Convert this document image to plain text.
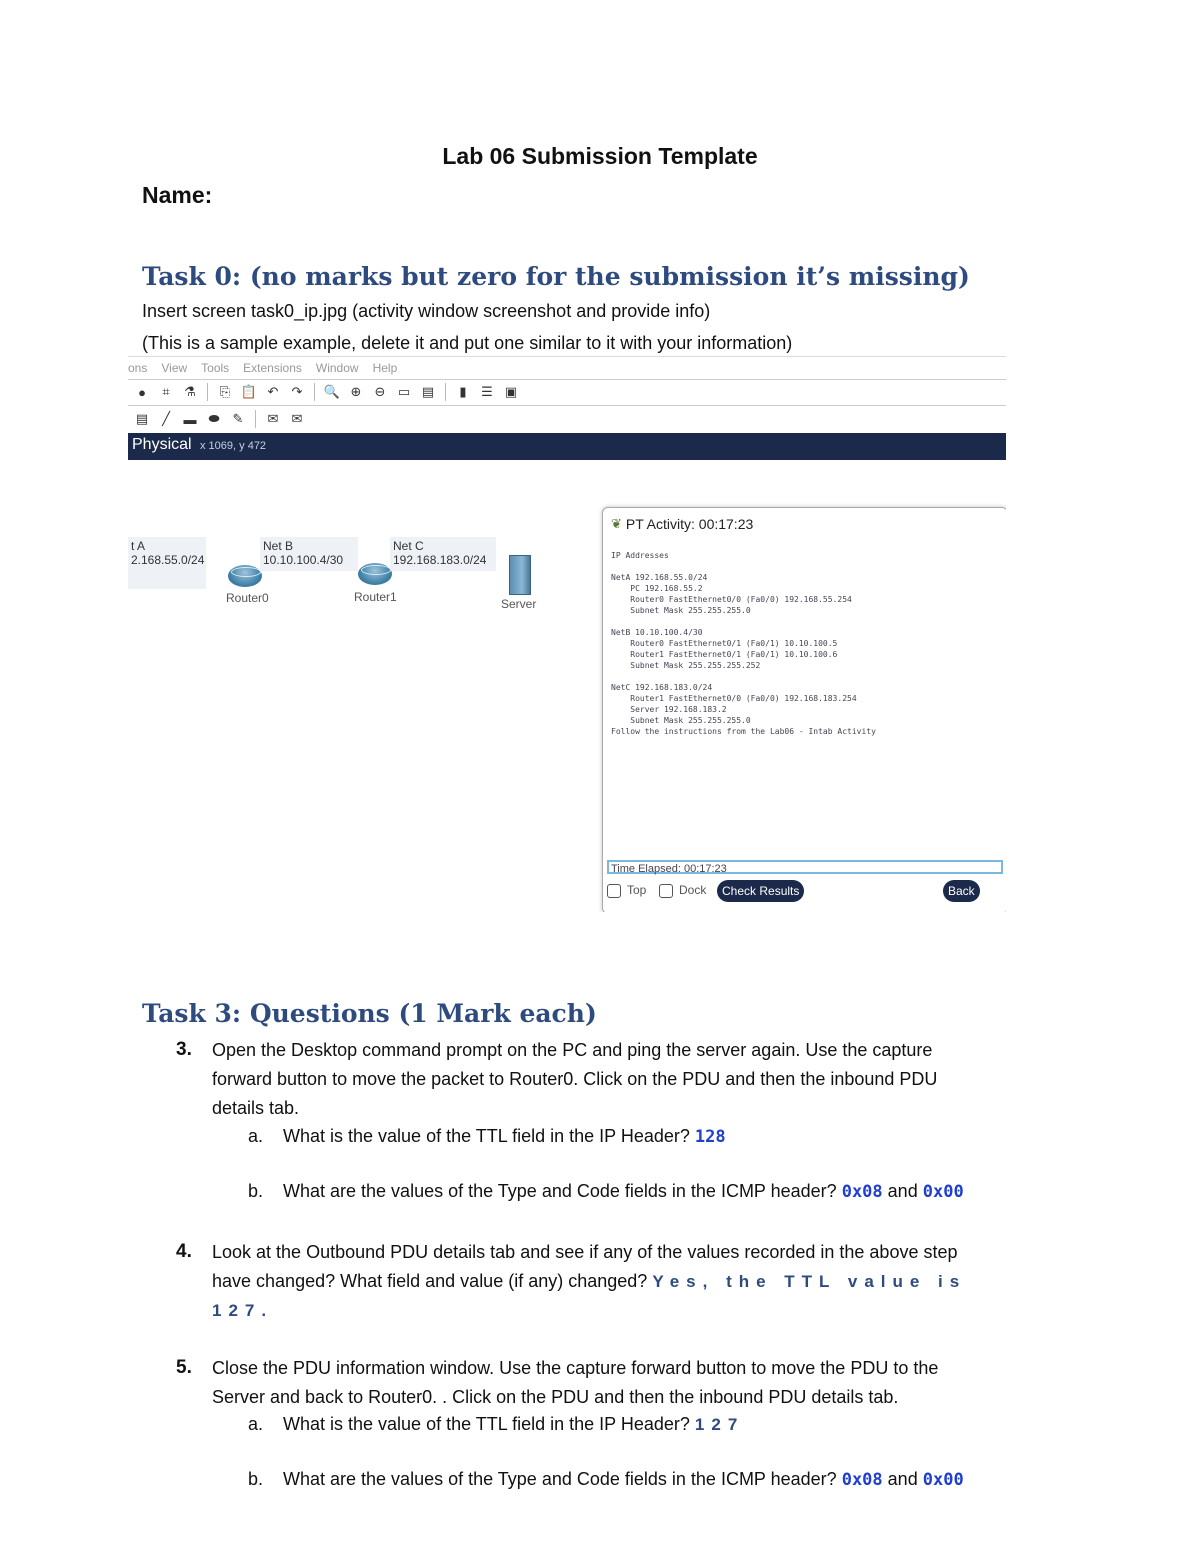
Lab 06 Submission Template
Name:
Task 0: (no marks but zero for the submission it’s missing)
Insert screen task0_ip.jpg (activity window screenshot and provide info)
(This is a sample example, delete it and put one similar to it with your information)
ons View Tools Extensions Window Help
●	⌗	⚗	⎘ 📋 ↶	↷	🔍 ⊕	⊖ ▭ ▤	▮	☰ ▣
▤	╱	▬ ⬬	✎	✉	✉
Physical x 1069, y 472
t A
2.168.55.0/24
Net B
10.10.100.4/30
Net C
192.168.183.0/24
Router0	Router1	Server
❦ PT Activity: 00:17:23
IP Addresses

NetA 192.168.55.0/24
PC 192.168.55.2
Router0 FastEthernet0/0 (Fa0/0) 192.168.55.254
Subnet Mask 255.255.255.0

NetB 10.10.100.4/30
Router0 FastEthernet0/1 (Fa0/1) 10.10.100.5
Router1 FastEthernet0/1 (Fa0/1) 10.10.100.6
Subnet Mask 255.255.255.252

NetC 192.168.183.0/24
Router1 FastEthernet0/0 (Fa0/0) 192.168.183.254
Server 192.168.183.2
Subnet Mask 255.255.255.0
Follow the instructions from the Lab06 - Intab Activity
Time Elapsed: 00:17:23
Top	Dock	Check Results	Back
Task 3: Questions (1 Mark each)
3. Open the Desktop command prompt on the PC and ping the server again. Use the capture
forward button to move the packet to Router0. Click on the PDU and then the inbound PDU
details tab.
a. What is the value of the TTL field in the IP Header? 128
b. What are the values of the Type and Code fields in the ICMP header? 0x08 and 0x00
4. Look at the Outbound PDU details tab and see if any of the values recorded in the above step
have changed? What field and value (if any) changed? Yes, the TTL value is
127.
5. Close the PDU information window. Use the capture forward button to move the PDU to the
Server and back to Router0. . Click on the PDU and then the inbound PDU details tab.
a. What is the value of the TTL field in the IP Header? 127
b. What are the values of the Type and Code fields in the ICMP header? 0x08 and 0x00
